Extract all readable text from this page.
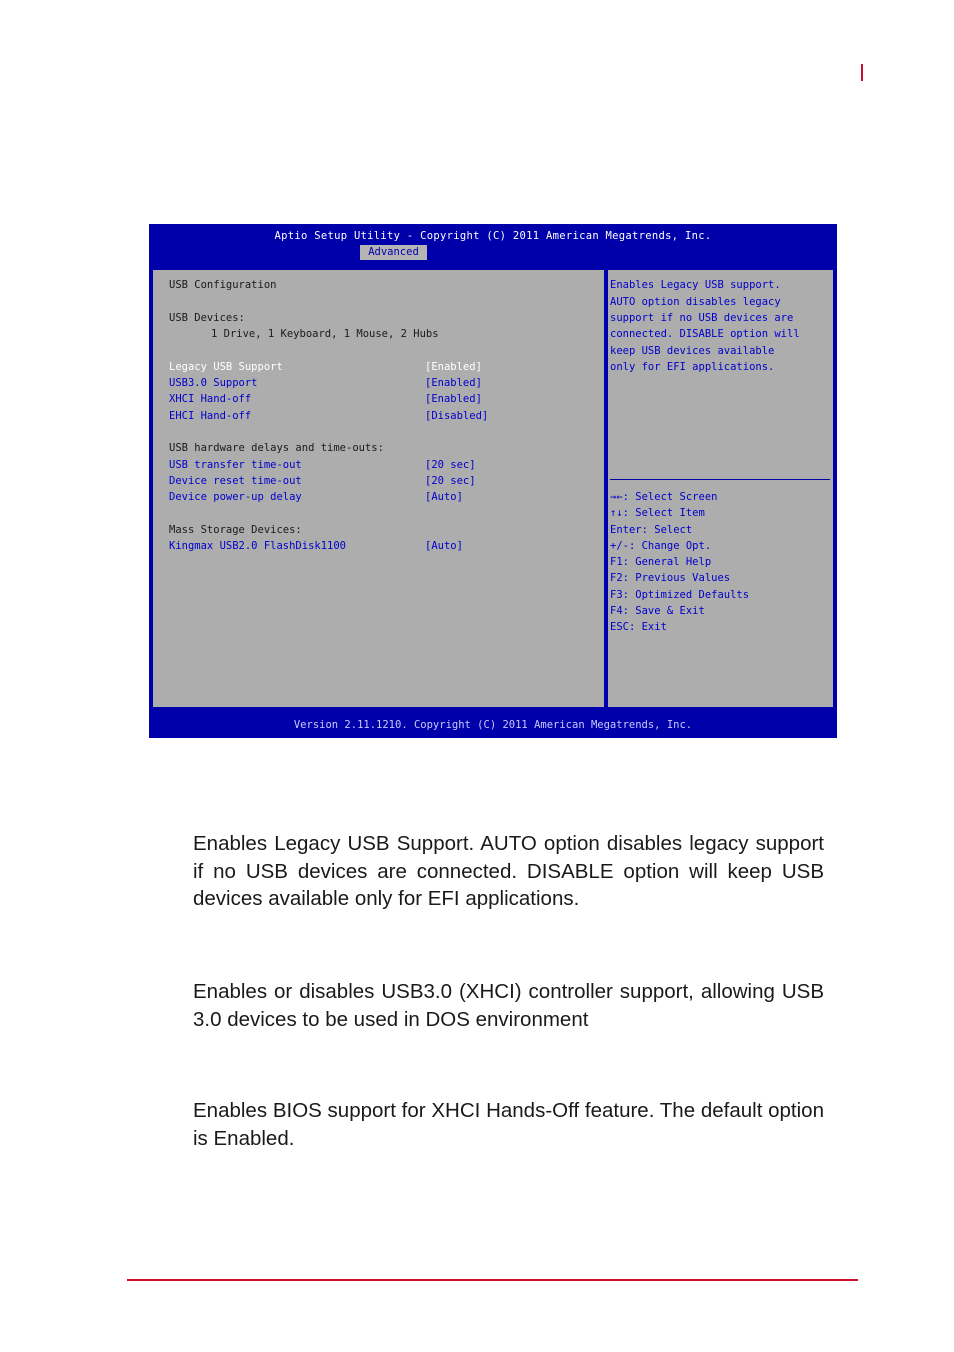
Aptio Setup Utility - Copyright (C) 2011 American Megatrends, Inc.
Advanced
USB Configuration
USB Devices:
1 Drive, 1 Keyboard, 1 Mouse, 2 Hubs
Legacy USB Support	[Enabled]
USB3.0 Support	[Enabled]
XHCI Hand-off	[Enabled]
EHCI Hand-off	[Disabled]
USB hardware delays and time-outs:
USB transfer time-out	[20 sec]
Device reset time-out	[20 sec]
Device power-up delay	[Auto]
Mass Storage Devices:
Kingmax USB2.0 FlashDisk1100	[Auto]
Enables Legacy USB support.
AUTO option disables legacy
support if no USB devices are
connected. DISABLE option will
keep USB devices available
only for EFI applications.
→←: Select Screen
↑↓: Select Item
Enter: Select
+/-: Change Opt.
F1: General Help
F2: Previous Values
F3: Optimized Defaults
F4: Save & Exit
ESC: Exit
Version 2.11.1210. Copyright (C) 2011 American Megatrends, Inc.
Enables Legacy USB Support. AUTO option disables legacy support if no USB devices are connected. DISABLE option will keep USB devices available only for EFI applications.
Enables or disables USB3.0 (XHCI) controller support, allowing USB 3.0 devices to be used in DOS environment
Enables BIOS support for XHCI Hands-Off feature. The default option is Enabled.
